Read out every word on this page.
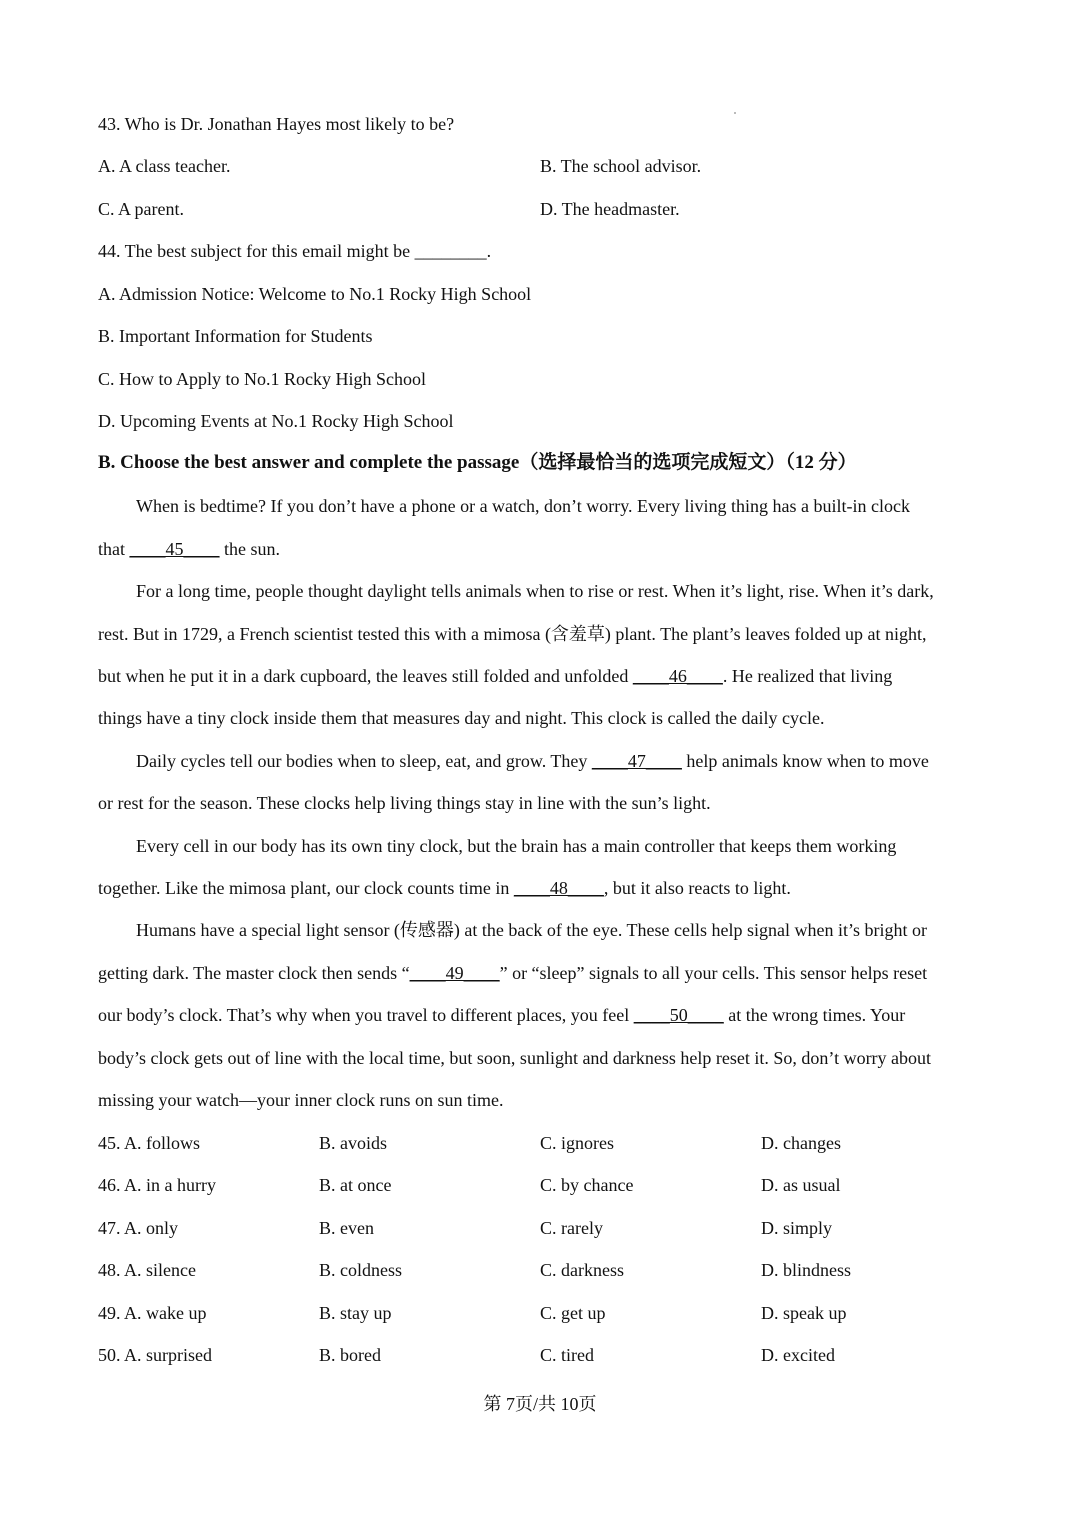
43. Who is Dr. Jonathan Hayes most likely to be?
A. A class teacher.	B. The school advisor.
C. A parent.	D. The headmaster.
44. The best subject for this email might be ________.
A. Admission Notice: Welcome to No.1 Rocky High School
B. Important Information for Students
C. How to Apply to No.1 Rocky High School
D. Upcoming Events at No.1 Rocky High School
B. Choose the best answer and complete the passage（选择最恰当的选项完成短文）（12 分）
When is bedtime? If you don’t have a phone or a watch, don’t worry. Every living thing has a built-in clock
that ____45____ the sun.
For a long time, people thought daylight tells animals when to rise or rest. When it’s light, rise. When it’s dark,
rest. But in 1729, a French scientist tested this with a mimosa (含羞草) plant. The plant’s leaves folded up at night,
but when he put it in a dark cupboard, the leaves still folded and unfolded ____46____. He realized that living
things have a tiny clock inside them that measures day and night. This clock is called the daily cycle.
Daily cycles tell our bodies when to sleep, eat, and grow. They ____47____ help animals know when to move
or rest for the season. These clocks help living things stay in line with the sun’s light.
Every cell in our body has its own tiny clock, but the brain has a main controller that keeps them working
together. Like the mimosa plant, our clock counts time in ____48____, but it also reacts to light.
Humans have a special light sensor (传感器) at the back of the eye. These cells help signal when it’s bright or
getting dark. The master clock then sends “____49____” or “sleep” signals to all your cells. This sensor helps reset
our body’s clock. That’s why when you travel to different places, you feel ____50____ at the wrong times. Your
body’s clock gets out of line with the local time, but soon, sunlight and darkness help reset it. So, don’t worry about
missing your watch—your inner clock runs on sun time.
45. A. follows	B. avoids	C. ignores	D. changes
46. A. in a hurry	B. at once	C. by chance	D. as usual
47. A. only	B. even	C. rarely	D. simply
48. A. silence	B. coldness	C. darkness	D. blindness
49. A. wake up	B. stay up	C. get up	D. speak up
50. A. surprised	B. bored	C. tired	D. excited
第 7页/共 10页
